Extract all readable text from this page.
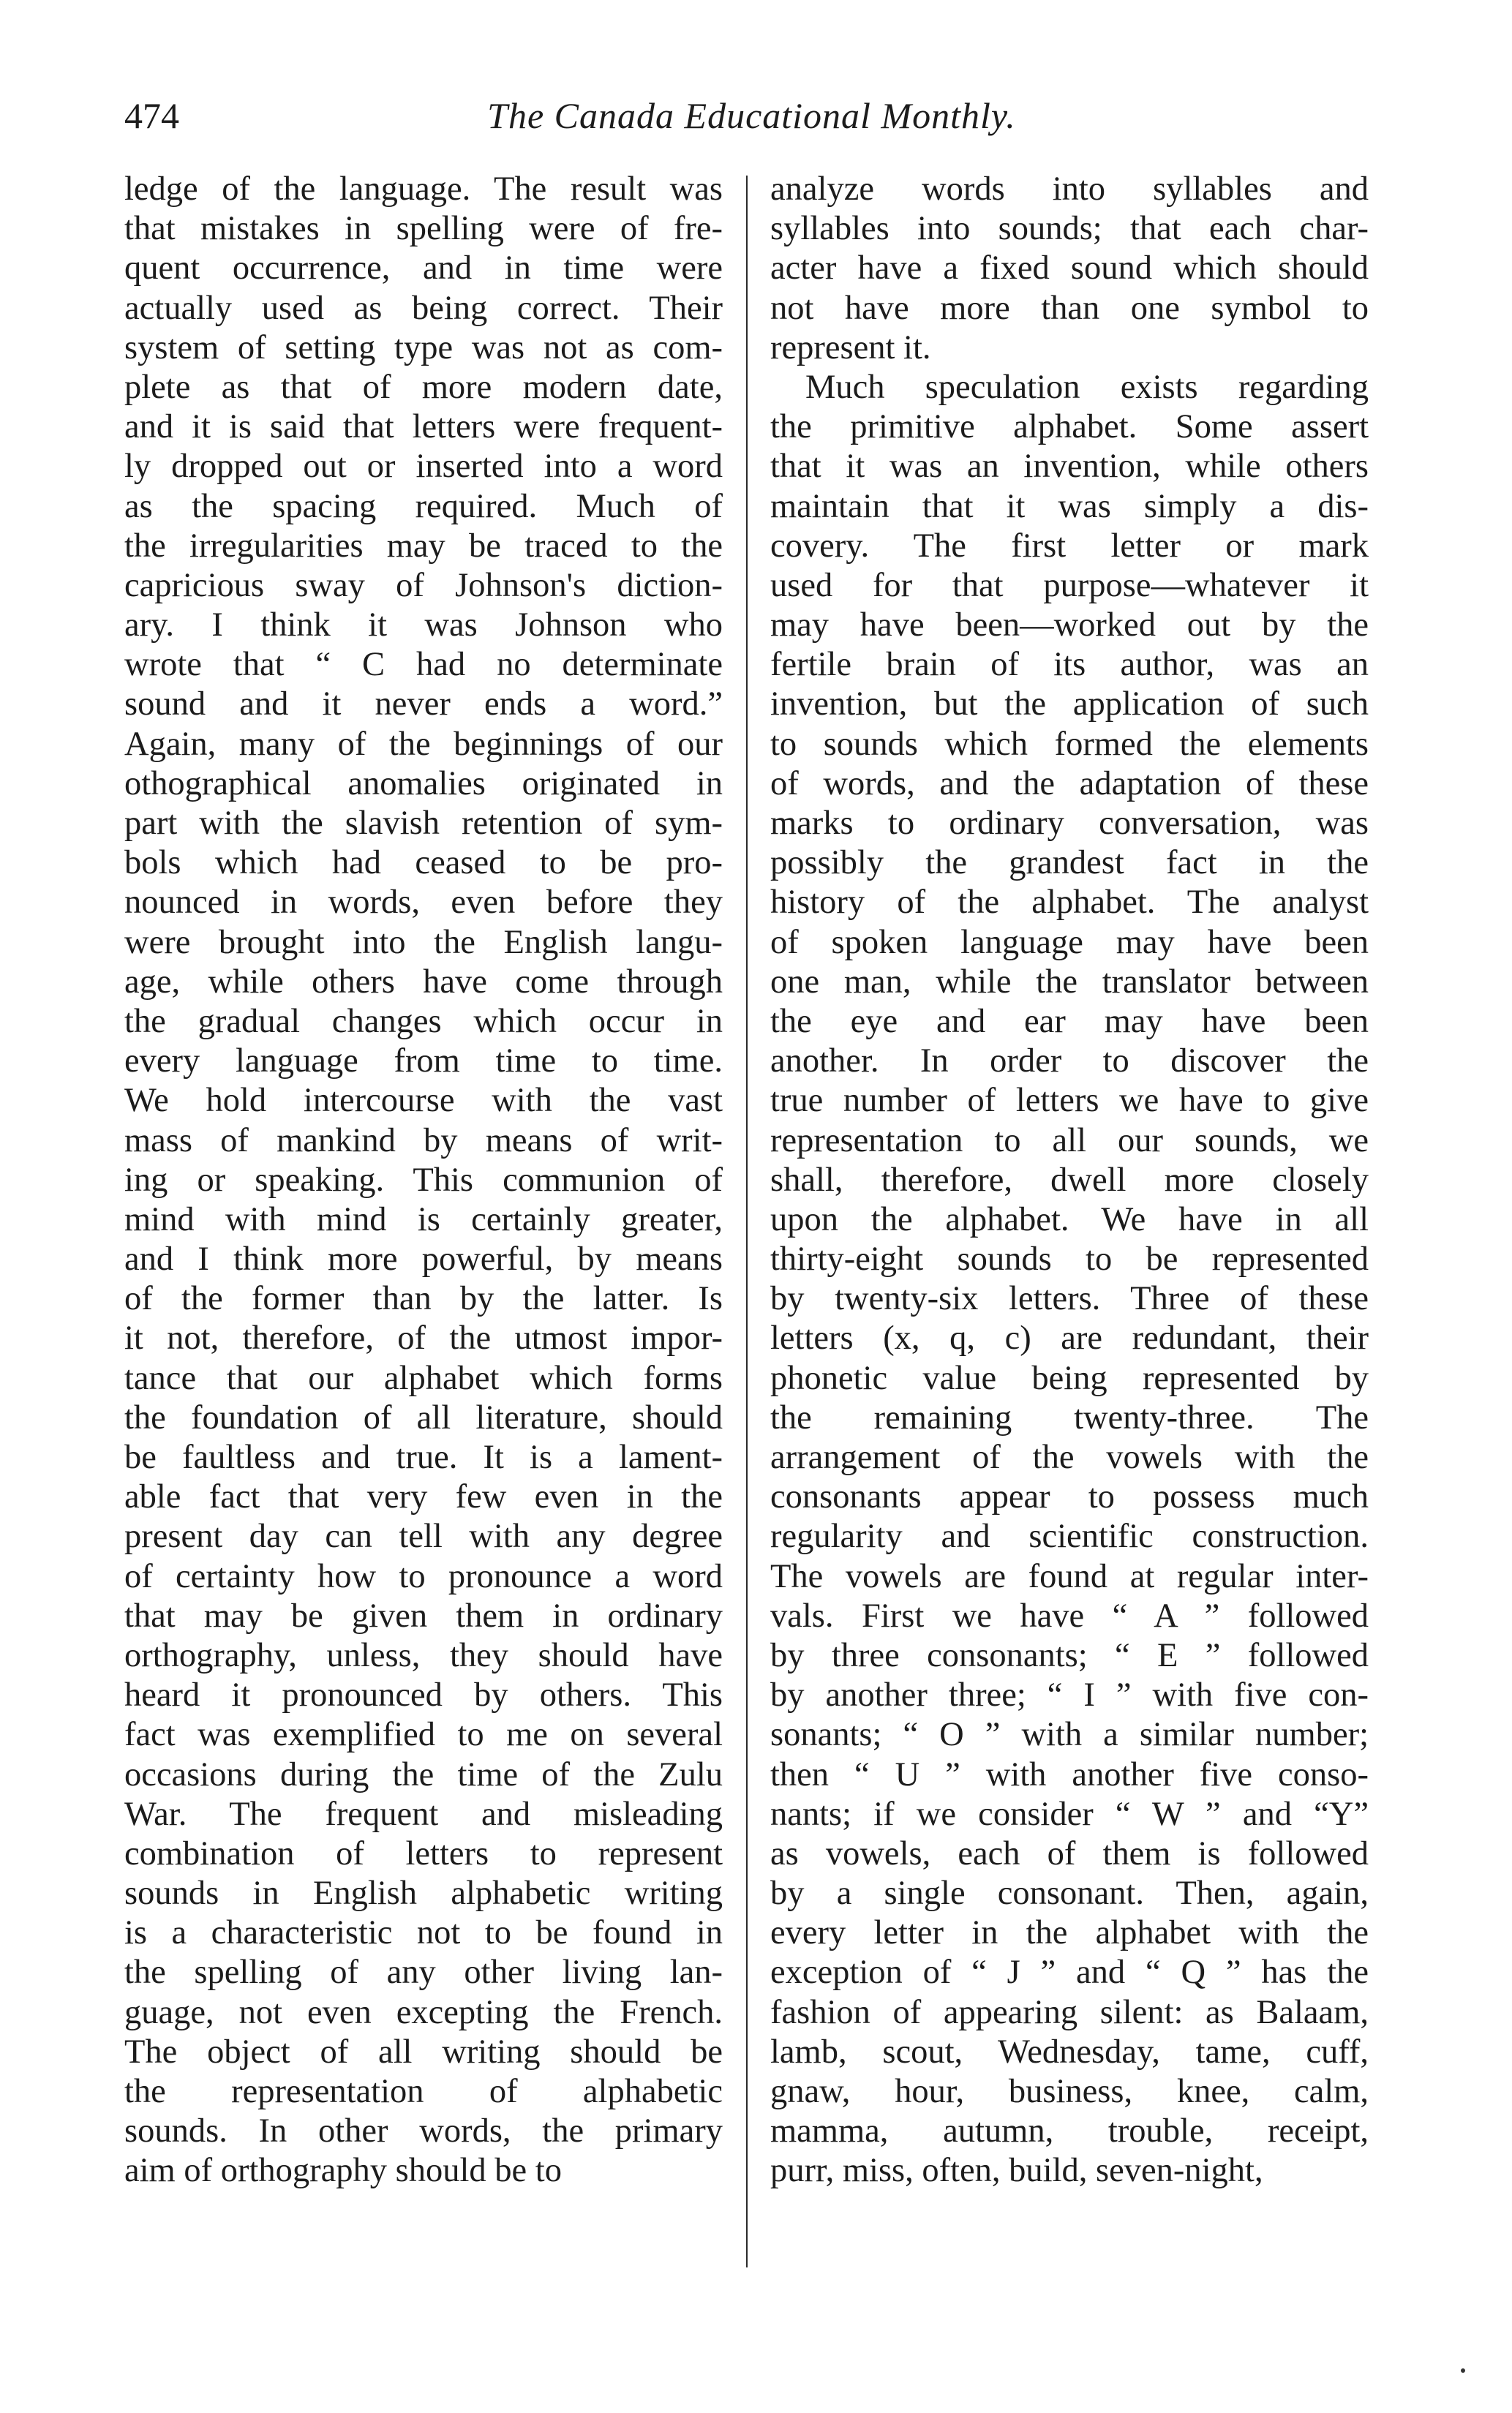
474	The Canada Educational Monthly.
ledge of the language. The result was
that mistakes in spelling were of fre-
quent occurrence, and in time were
actually used as being correct. Their
system of setting type was not as com-
plete as that of more modern date,
and it is said that letters were frequent-
ly dropped out or inserted into a word
as the spacing required. Much of
the irregularities may be traced to the
capricious sway of Johnson's diction-
ary. I think it was Johnson who
wrote that “ C had no determinate
sound and it never ends a word.”
Again, many of the beginnings of our
othographical anomalies originated in
part with the slavish retention of sym-
bols which had ceased to be pro-
nounced in words, even before they
were brought into the English langu-
age, while others have come through
the gradual changes which occur in
every language from time to time.
We hold intercourse with the vast
mass of mankind by means of writ-
ing or speaking. This communion of
mind with mind is certainly greater,
and I think more powerful, by means
of the former than by the latter. Is
it not, therefore, of the utmost impor-
tance that our alphabet which forms
the foundation of all literature, should
be faultless and true. It is a lament-
able fact that very few even in the
present day can tell with any degree
of certainty how to pronounce a word
that may be given them in ordinary
orthography, unless, they should have
heard it pronounced by others. This
fact was exemplified to me on several
occasions during the time of the Zulu
War. The frequent and misleading
combination of letters to represent
sounds in English alphabetic writing
is a characteristic not to be found in
the spelling of any other living lan-
guage, not even excepting the French.
The object of all writing should be
the representation of alphabetic
sounds. In other words, the primary
aim of orthography should be to
analyze words into syllables and
syllables into sounds; that each char-
acter have a fixed sound which should
not have more than one symbol to
represent it.
Much speculation exists regarding
the primitive alphabet. Some assert
that it was an invention, while others
maintain that it was simply a dis-
covery. The first letter or mark
used for that purpose—whatever it
may have been—worked out by the
fertile brain of its author, was an
invention, but the application of such
to sounds which formed the elements
of words, and the adaptation of these
marks to ordinary conversation, was
possibly the grandest fact in the
history of the alphabet. The analyst
of spoken language may have been
one man, while the translator between
the eye and ear may have been
another. In order to discover the
true number of letters we have to give
representation to all our sounds, we
shall, therefore, dwell more closely
upon the alphabet. We have in all
thirty-eight sounds to be represented
by twenty-six letters. Three of these
letters (x, q, c) are redundant, their
phonetic value being represented by
the remaining twenty-three. The
arrangement of the vowels with the
consonants appear to possess much
regularity and scientific construction.
The vowels are found at regular inter-
vals. First we have “ A ” followed
by three consonants; “ E ” followed
by another three; “ I ” with five con-
sonants; “ O ” with a similar number;
then “ U ” with another five conso-
nants; if we consider “ W ” and “Y”
as vowels, each of them is followed
by a single consonant. Then, again,
every letter in the alphabet with the
exception of “ J ” and “ Q ” has the
fashion of appearing silent: as Balaam,
lamb, scout, Wednesday, tame, cuff,
gnaw, hour, business, knee, calm,
mamma, autumn, trouble, receipt,
purr, miss, often, build, seven-night,
